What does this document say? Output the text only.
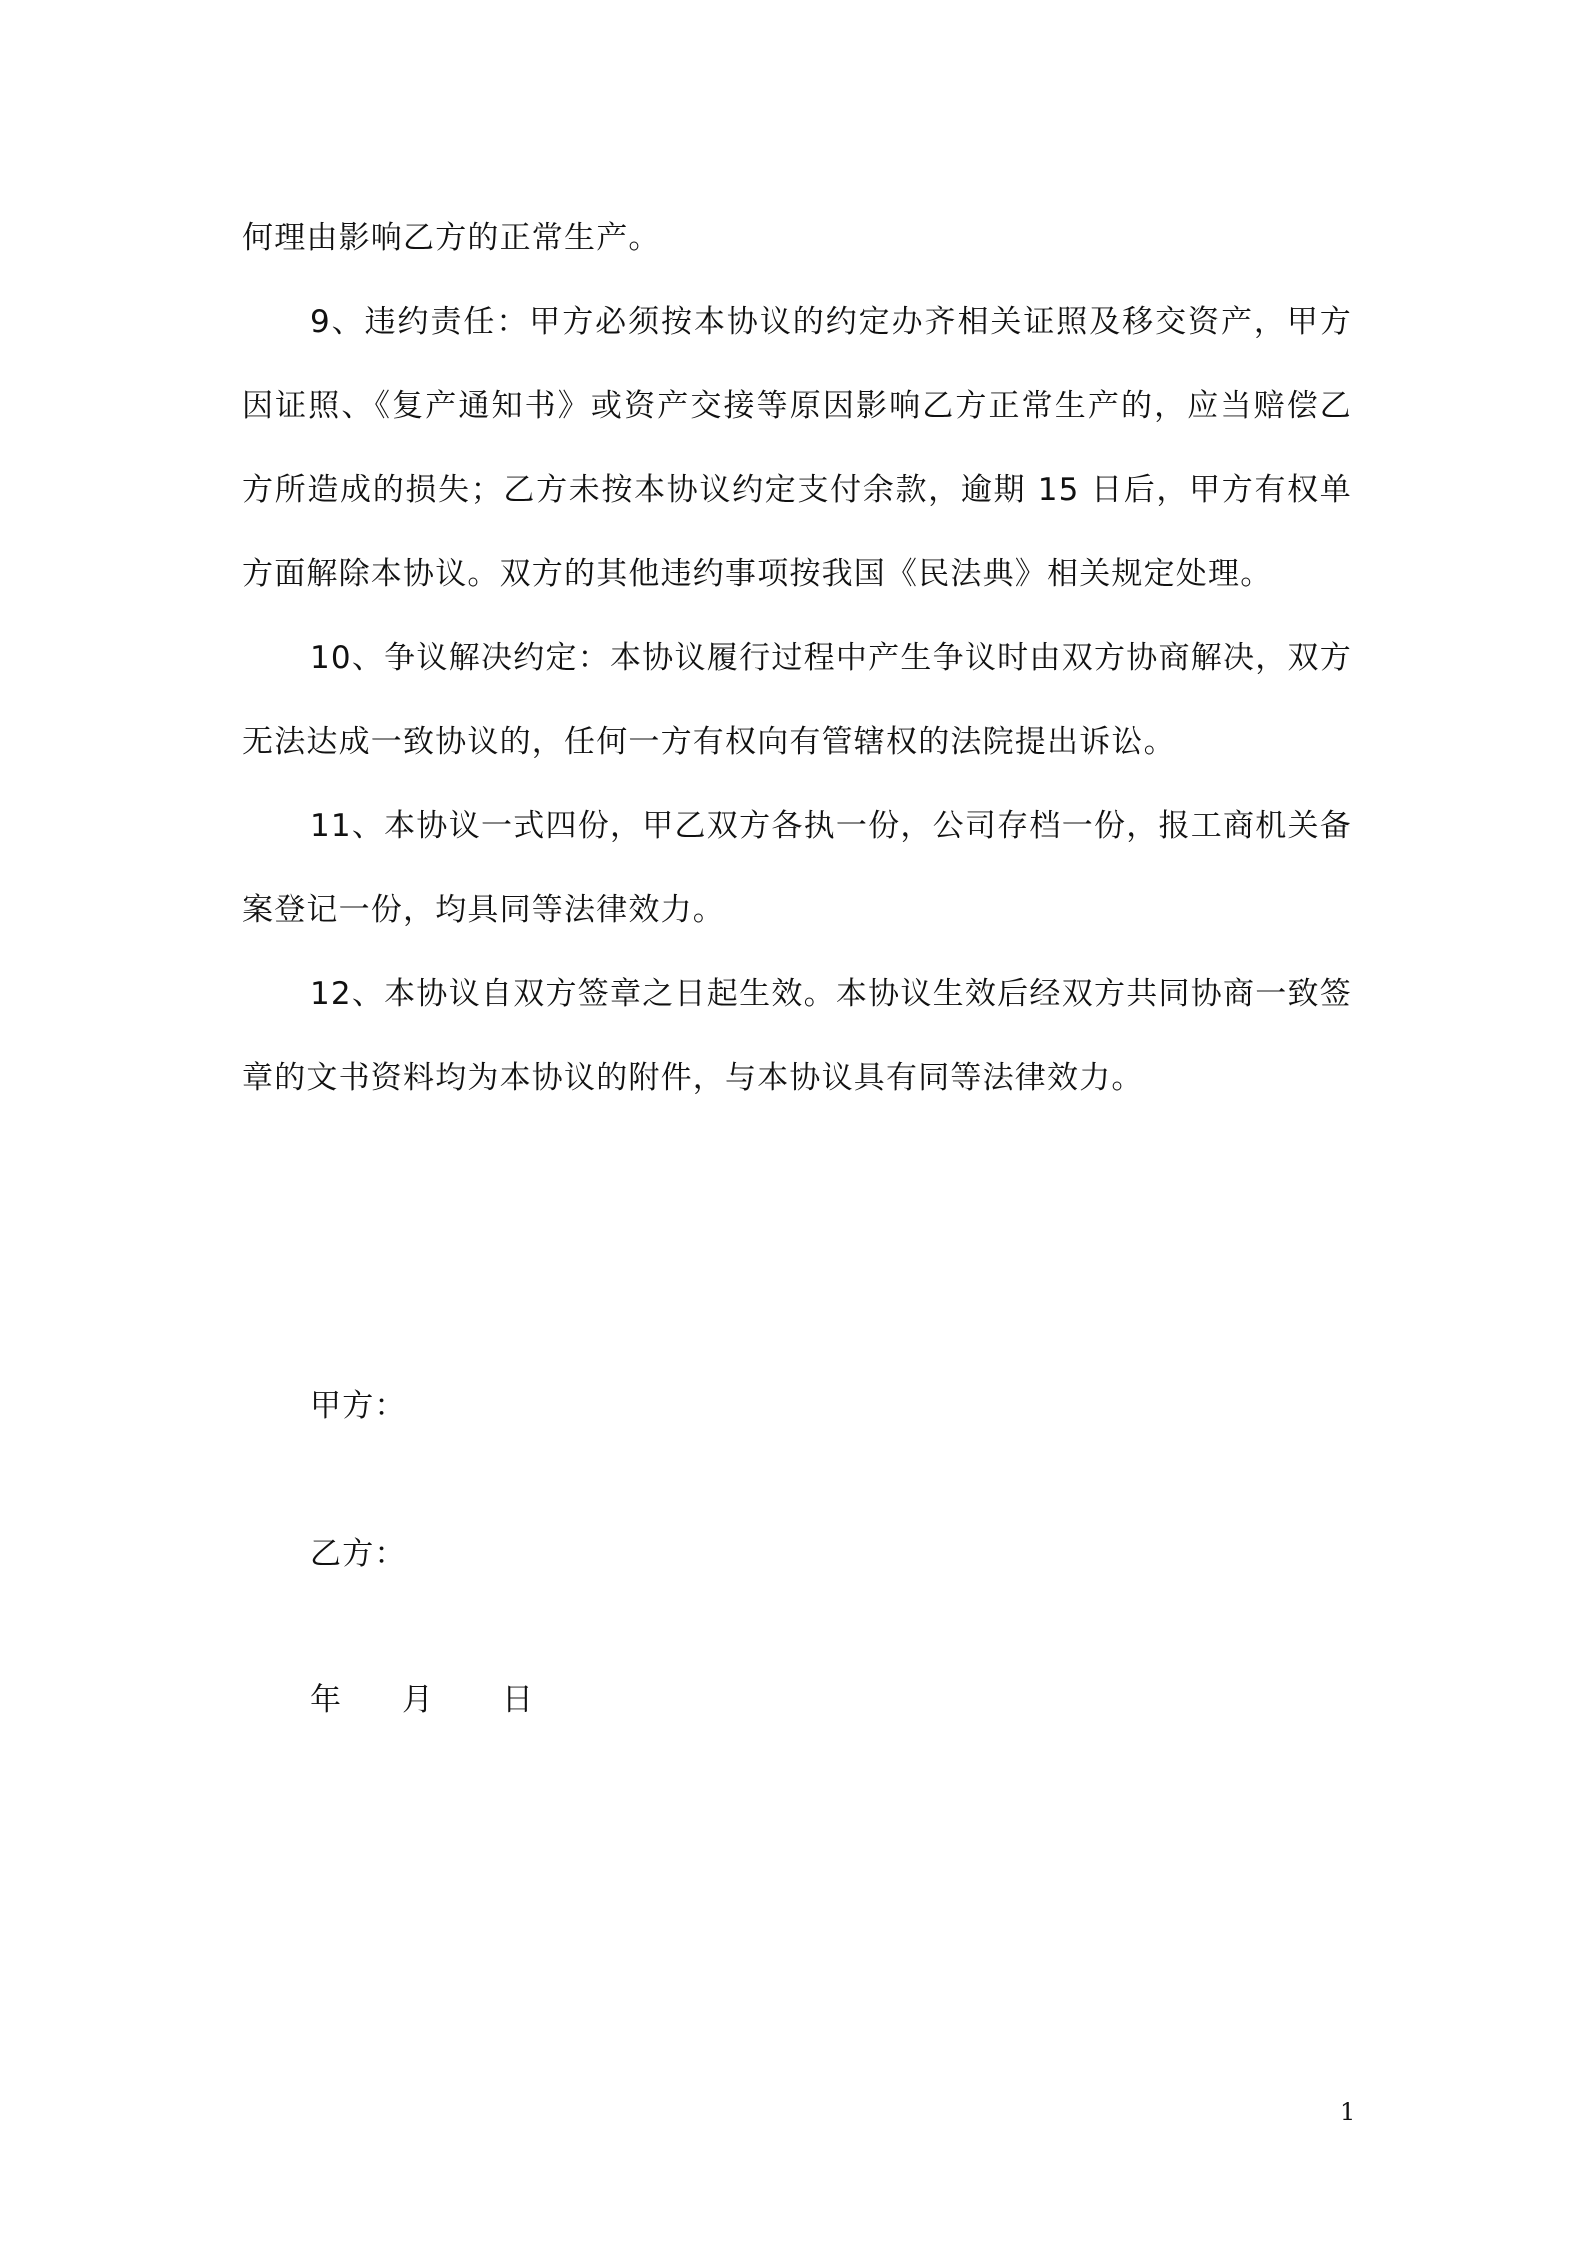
何理由影响乙方的正常生产。

9、违约责任：甲方必须按本协议的约定办齐相关证照及移交资产，甲方因证照、《复产通知书》或资产交接等原因影响乙方正常生产的，应当赔偿乙方所造成的损失；乙方未按本协议约定支付余款，逾期 15 日后，甲方有权单方面解除本协议。双方的其他违约事项按我国《民法典》相关规定处理。

10、争议解决约定：本协议履行过程中产生争议时由双方协商解决，双方无法达成一致协议的，任何一方有权向有管辖权的法院提出诉讼。

11、本协议一式四份，甲乙双方各执一份，公司存档一份，报工商机关备案登记一份，均具同等法律效力。

12、本协议自双方签章之日起生效。本协议生效后经双方共同协商一致签章的文书资料均为本协议的附件，与本协议具有同等法律效力。

甲方：
乙方：
年 月 日
1
